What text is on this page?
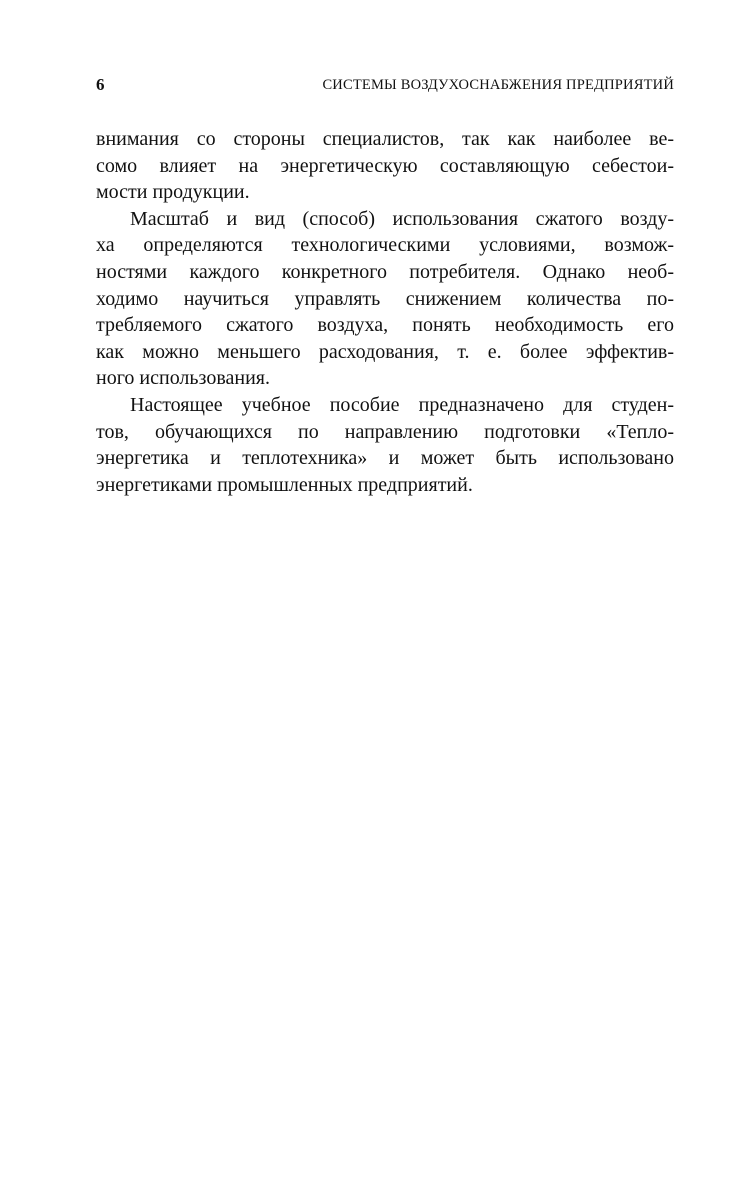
6	СИСТЕМЫ ВОЗДУХОСНАБЖЕНИЯ ПРЕДПРИЯТИЙ
внимания со стороны специалистов, так как наиболее ве-
сомо влияет на энергетическую составляющую себестои-
мости продукции.
Масштаб и вид (способ) использования сжатого возду-
ха определяются технологическими условиями, возмож-
ностями каждого конкретного потребителя. Однако необ-
ходимо научиться управлять снижением количества по-
требляемого сжатого воздуха, понять необходимость его
как можно меньшего расходования, т. е. более эффектив-
ного использования.
Настоящее учебное пособие предназначено для студен-
тов, обучающихся по направлению подготовки «Тепло-
энергетика и теплотехника» и может быть использовано
энергетиками промышленных предприятий.
